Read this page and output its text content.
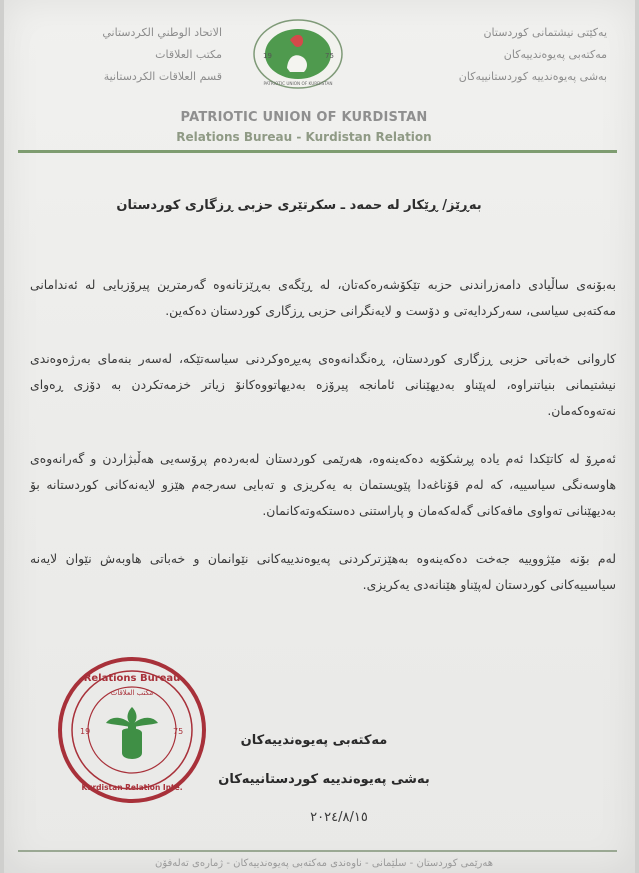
الاتحاد الوطني الكردستاني
مكتب العلاقات
قسم العلاقات الكردستانية
19	75
PATRIOTIC UNION OF KURDISTAN
یەکێتی نیشتمانی کوردستان
مەکتەبی پەیوەندییەکان
بەشی پەیوەندییە کوردستانییەکان
PATRIOTIC UNION OF KURDISTAN
Relations Bureau - Kurdistan Relation
بەڕێز/ ڕێکار لە حمەد ـ سکرتێری حزبی ڕزگاری کوردستان

بەبۆنەی ساڵیادی دامەزراندنی حزبە تێکۆشەرەکەتان، لە ڕێگەی بەڕێزتانەوە گەرمترین پیرۆزبایی لە ئەندامانی مەکتەبی سیاسی، سەرکردایەتی و دۆست و لایەنگرانی حزبی ڕزگاری کوردستان دەکەین.

کاروانی خەباتی حزبی ڕزگاری کوردستان، ڕەنگدانەوەی پەیڕەوکردنی سیاسەتێکە، لەسەر بنەمای بەرژەوەندی نیشتیمانی بنیاتنراوە، لەپێناو بەدیهێنانی ئامانجە پیرۆزە بەدیهاتووەکانۆ زیاتر خزمەتکردن بە دۆزی ڕەوای نەتەوەکەمان.

ئەمڕۆ لە کاتێکدا ئەم یادە پڕشکۆیە دەکەینەوە، هەرێمی کوردستان لەبەردەم پرۆسەیی هەڵبژاردن و گەرانەوەی هاوسەنگی سیاسییە، کە لەم قۆناغەدا پێویستمان بە یەکریزی و تەبایی سەرجەم هێزو لایەنەکانی کوردستانە بۆ بەدیهێنانی تەواوی مافەکانی گەلەکەمان و پاراستنی دەستکەوتەکانمان.

لەم بۆنە مێژووییە جەخت دەکەینەوە بەهێزترکردنی پەیوەندییەکانی نێوانمان و خەباتی هاوبەش نێوان لایەنە سیاسییەکانی کوردستان لەپێناو هێنانەدی یەکریزی.

Relations Bureau
مکتب العلاقات
Kurdistan Relation Inte.
19	75
مەکتەبی پەیوەندییەکان
بەشی پەیوەندییە کوردستانییەکان
٢٠٢٤/٨/١٥
هەرێمی کوردستان - سلێمانی - ناوەندی مەکتەبی پەیوەندییەکان - ژمارەی تەلەفۆن
